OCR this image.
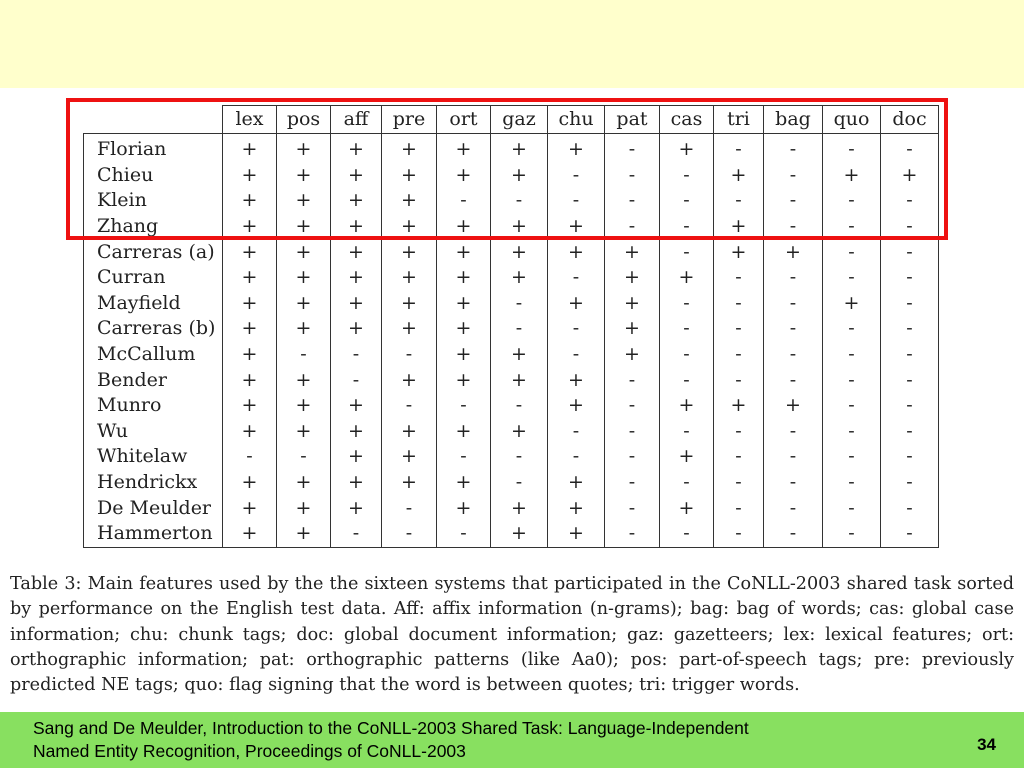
	lex	pos	aff	pre	ort	gaz	chu	pat	cas	tri	bag	quo	doc
Florian	+	+	+	+	+	+	+	-	+	-	-	-	-
Chieu	+	+	+	+	+	+	-	-	-	+	-	+	+
Klein	+	+	+	+	-	-	-	-	-	-	-	-	-
Zhang	+	+	+	+	+	+	+	-	-	+	-	-	-
Carreras (a)	+	+	+	+	+	+	+	+	-	+	+	-	-
Curran	+	+	+	+	+	+	-	+	+	-	-	-	-
Mayfield	+	+	+	+	+	-	+	+	-	-	-	+	-
Carreras (b)	+	+	+	+	+	-	-	+	-	-	-	-	-
McCallum	+	-	-	-	+	+	-	+	-	-	-	-	-
Bender	+	+	-	+	+	+	+	-	-	-	-	-	-
Munro	+	+	+	-	-	-	+	-	+	+	+	-	-
Wu	+	+	+	+	+	+	-	-	-	-	-	-	-
Whitelaw	-	-	+	+	-	-	-	-	+	-	-	-	-
Hendrickx	+	+	+	+	+	-	+	-	-	-	-	-	-
De Meulder	+	+	+	-	+	+	+	-	+	-	-	-	-
Hammerton	+	+	-	-	-	+	+	-	-	-	-	-	-
Table 3: Main features used by the the sixteen systems that participated in the CoNLL-2003 shared task sorted by performance on the English test data. Aff: affix information (n-grams); bag: bag of words; cas: global case information; chu: chunk tags; doc: global document information; gaz: gazetteers; lex: lexical features; ort: orthographic information; pat: orthographic patterns (like Aa0); pos: part-of-speech tags; pre: previously predicted NE tags; quo: flag signing that the word is between quotes; tri: trigger words.
Sang and De Meulder, Introduction to the CoNLL-2003 Shared Task: Language-Independent
Named Entity Recognition, Proceedings of CoNLL-2003	34
